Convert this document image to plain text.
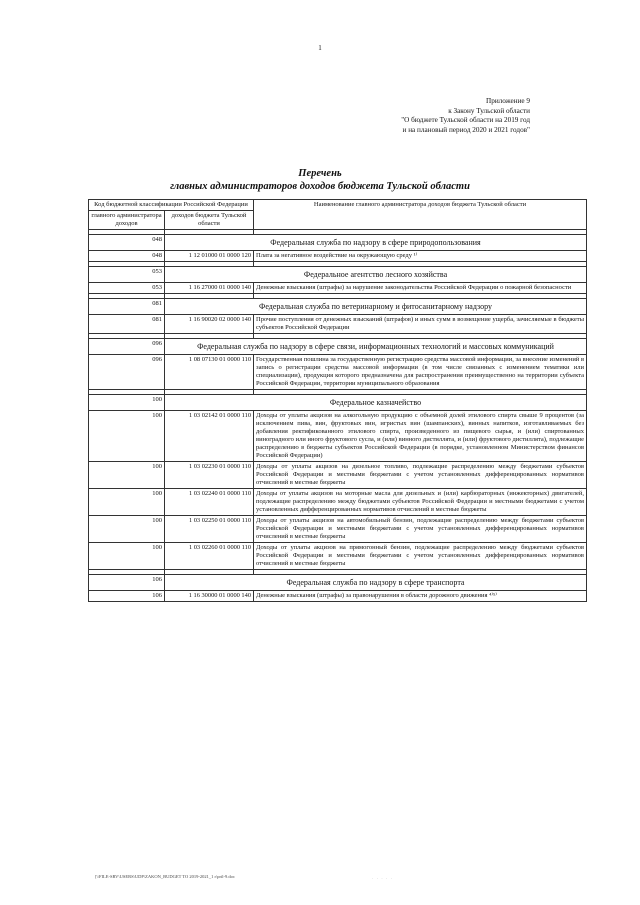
1
Приложение 9
к Закону Тульской области
"О бюджете Тульской области на 2019 год
и на плановый период 2020 и 2021 годов"
Перечень
главных администраторов доходов бюджета Тульской области
Код бюджетной классификации Российской Федерации		Наименование главного администратора доходов бюджета Тульской области
главного администратора доходов	доходов бюджета Тульской области	

048	Федеральная служба по надзору в сфере природопользования	
048	1 12 01000 01 0000 120	Плата за негативное воздействие на окружающую среду ¹⁾

053	Федеральное агентство лесного хозяйства	
053	1 16 27000 01 0000 140	Денежные взыскания (штрафы) за нарушение законодательства Российской Федерации о пожарной безопасности

081	Федеральная служба по ветеринарному и фитосанитарному надзору	
081	1 16 90020 02 0000 140	Прочие поступления от денежных взысканий (штрафов) и иных сумм в возмещение ущерба, зачисляемые в бюджеты субъектов Российской Федерации

096	Федеральная служба по надзору в сфере связи, информационных технологий и массовых коммуникаций	
096	1 08 07130 01 0000 110	Государственная пошлина за государственную регистрацию средства массовой информации, за внесение изменений в запись о регистрации средства массовой информации (в том числе связанных с изменением тематики или специализации), продукция которого предназначена для распространения преимущественно на территории субъекта Российской Федерации, территории муниципального образования

100	Федеральное казначейство	
100	1 03 02142 01 0000 110	Доходы от уплаты акцизов на алкогольную продукцию с объемной долей этилового спирта свыше 9 процентов (за исключением пива, вин, фруктовых вин, игристых вин (шампанских), винных напитков, изготавливаемых без добавления ректификованного этилового спирта, произведенного из пищевого сырья, и (или) спиртованных виноградного или иного фруктового сусла, и (или) винного дистиллята, и (или) фруктового дистиллята), подлежащие распределению в бюджеты субъектов Российской Федерации (в порядке, установленном Министерством финансов Российской Федерации)
100	1 03 02230 01 0000 110	Доходы от уплаты акцизов на дизельное топливо, подлежащие распределению между бюджетами субъектов Российской Федерации и местными бюджетами с учетом установленных дифференцированных нормативов отчислений в местные бюджеты
100	1 03 02240 01 0000 110	Доходы от уплаты акцизов на моторные масла для дизельных и (или) карбюраторных (инжекторных) двигателей, подлежащие распределению между бюджетами субъектов Российской Федерации и местными бюджетами с учетом установленных дифференцированных нормативов отчислений в местные бюджеты
100	1 03 02250 01 0000 110	Доходы от уплаты акцизов на автомобильный бензин, подлежащие распределению между бюджетами субъектов Российской Федерации и местными бюджетами с учетом установленных дифференцированных нормативов отчислений в местные бюджеты
100	1 03 02260 01 0000 110	Доходы от уплаты акцизов на прямогонный бензин, подлежащие распределению между бюджетами субъектов Российской Федерации и местными бюджетами с учетом установленных дифференцированных нормативов отчислений в местные бюджеты

106	Федеральная служба по надзору в сфере транспорта	
106	1 16 30000 01 0000 140	Денежные взыскания (штрафы) за правонарушения в области дорожного движения ⁴⁾⁵⁾
[\\FILE-SRV\USERS\UDP\ZAKON_BUDGET TO 2019-2021_1 r\pril-9.doc	· · · · ·
